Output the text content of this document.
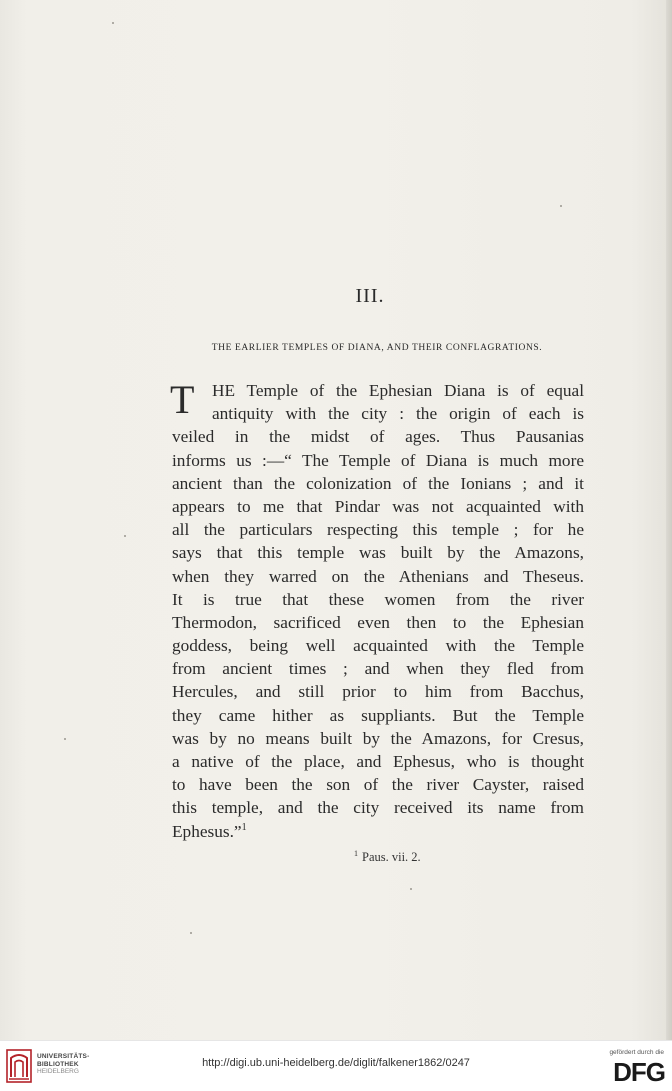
III.
THE EARLIER TEMPLES OF DIANA, AND THEIR CONFLAGRATIONS.
T	HE Temple of the Ephesian Diana is of equal
antiquity with the city : the origin of each is
veiled in the midst of ages. Thus Pausanias
informs us :—“ The Temple of Diana is much more
ancient than the colonization of the Ionians ; and it
appears to me that Pindar was not acquainted with
all the particulars respecting this temple ; for he
says that this temple was built by the Amazons,
when they warred on the Athenians and Theseus.
It is true that these women from the river
Thermodon, sacrificed even then to the Ephesian
goddess, being well acquainted with the Temple
from ancient times ; and when they fled from
Hercules, and still prior to him from Bacchus,
they came hither as suppliants. But the Temple
was by no means built by the Amazons, for Cresus,
a native of the place, and Ephesus, who is thought
to have been the son of the river Cayster, raised
this temple, and the city received its name from
Ephesus.”$^1$
$^1$ Paus. vii. 2.
UNIVERSITÄTS-
BIBLIOTHEK
HEIDELBERG
http://digi.ub.uni-heidelberg.de/diglit/falkener1862/0247
gefördert durch die
DFG
